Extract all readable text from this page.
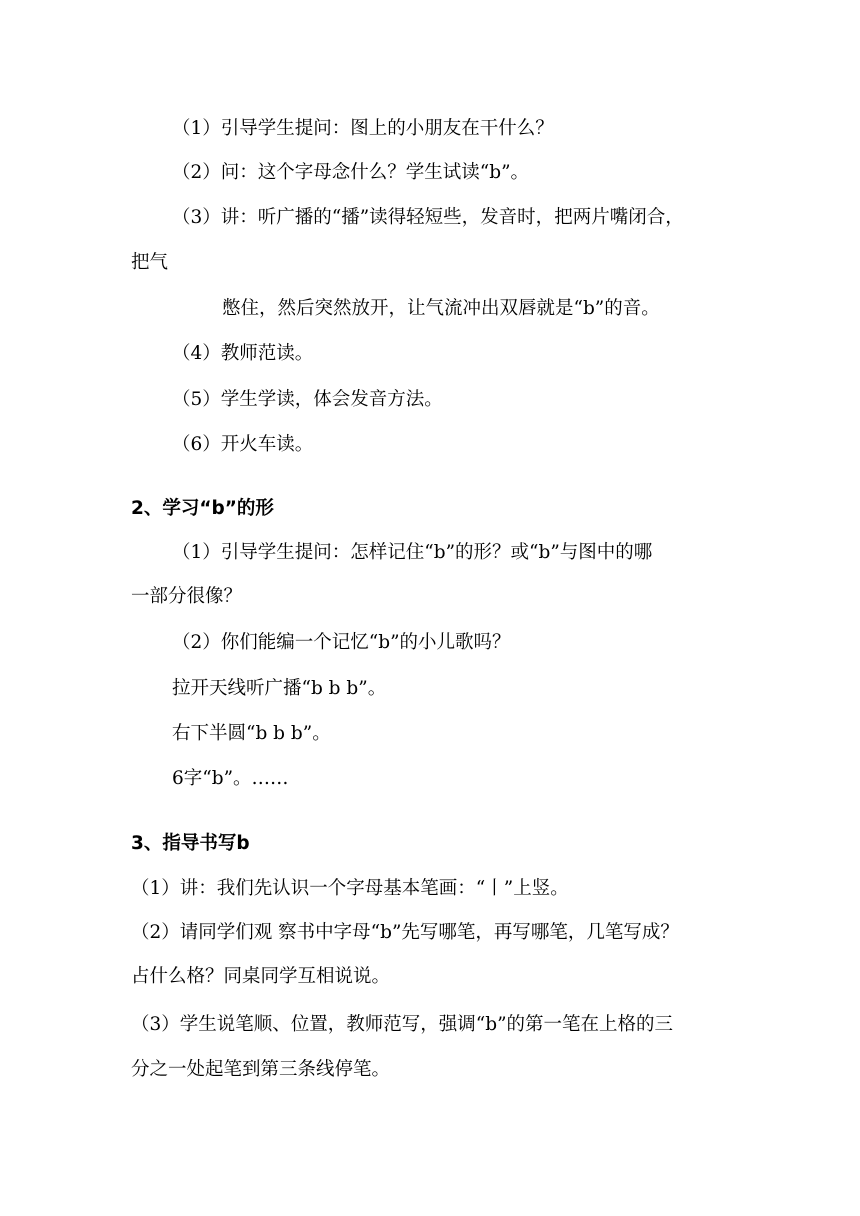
（1）引导学生提问：图上的小朋友在干什么？
（2）问：这个字母念什么？学生试读“b”。
（3）讲：听广播的“播”读得轻短些，发音时，把两片嘴闭合，
把气
憋住，然后突然放开，让气流冲出双唇就是“b”的音。
（4）教师范读。
（5）学生学读，体会发音方法。
（6）开火车读。
2、学习“b”的形
（1）引导学生提问：怎样记住“b”的形？或“b”与图中的哪
一部分很像？
（2）你们能编一个记忆“b”的小儿歌吗？
拉开天线听广播“b b b”。
右下半圆“b b b”。
6字“b”。……
3、指导书写b
（1）讲：我们先认识一个字母基本笔画：“丨”上竖。
（2）请同学们观 察书中字母“b”先写哪笔，再写哪笔，几笔写成？
占什么格？同桌同学互相说说。
（3）学生说笔顺、位置，教师范写，强调“b”的第一笔在上格的三
分之一处起笔到第三条线停笔。
